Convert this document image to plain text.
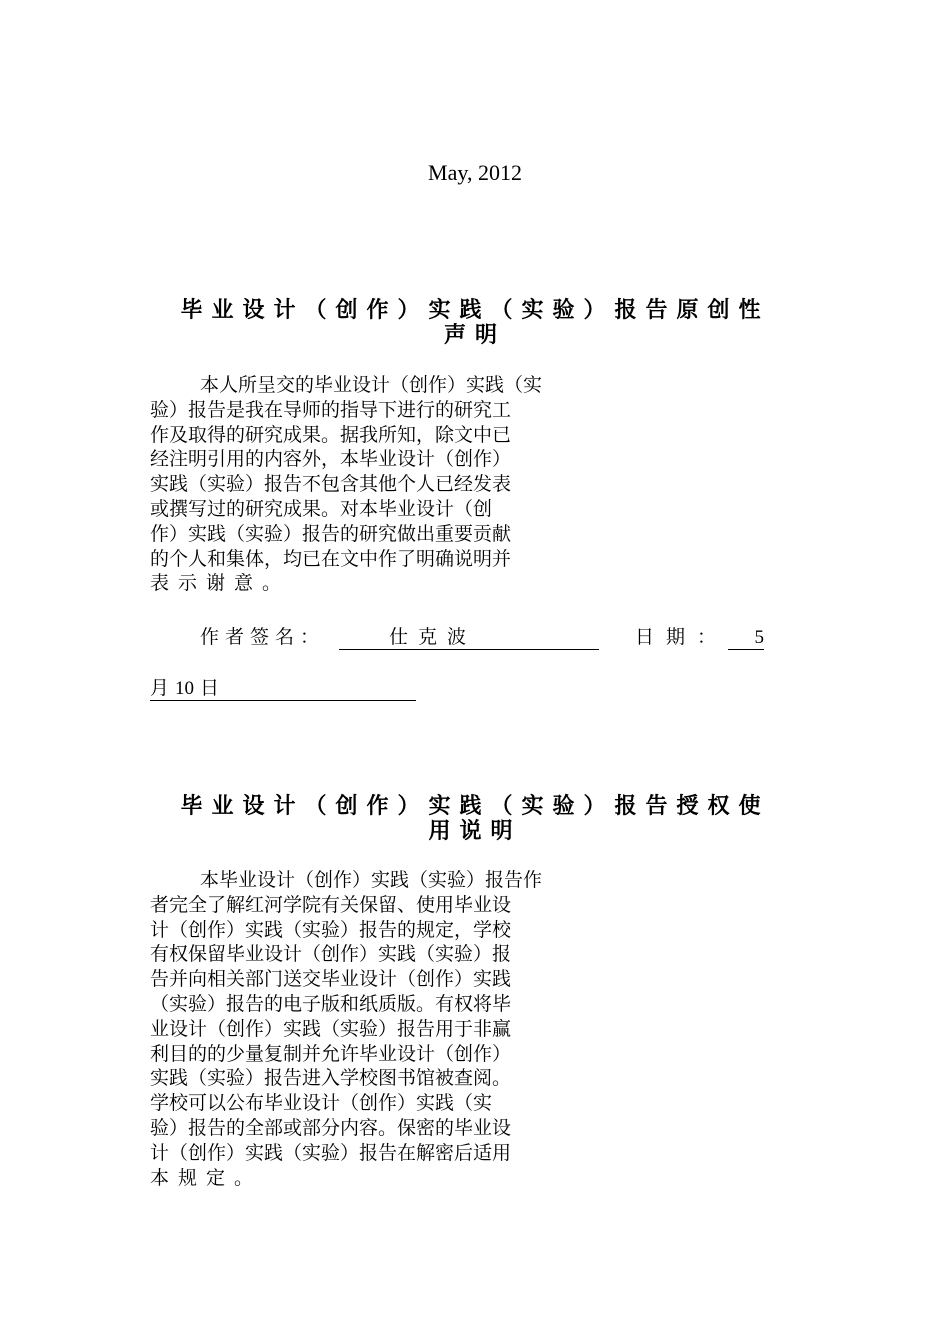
May, 2012
毕业设计（创作）实践（实验）报告原创性
声明
本人所呈交的毕业设计（创作）实践（实
验）报告是我在导师的指导下进行的研究工
作及取得的研究成果。据我所知，除文中已
经注明引用的内容外，本毕业设计（创作）
实践（实验）报告不包含其他个人已经发表
或撰写过的研究成果。对本毕业设计（创
作）实践（实验）报告的研究做出重要贡献
的个人和集体，均已在文中作了明确说明并
表示谢意。
作者签名：	仕克波	日期： 5
月 10 日
毕业设计（创作）实践（实验）报告授权使
用说明
本毕业设计（创作）实践（实验）报告作
者完全了解红河学院有关保留、使用毕业设
计（创作）实践（实验）报告的规定，学校
有权保留毕业设计（创作）实践（实验）报
告并向相关部门送交毕业设计（创作）实践
（实验）报告的电子版和纸质版。有权将毕
业设计（创作）实践（实验）报告用于非赢
利目的的少量复制并允许毕业设计（创作）
实践（实验）报告进入学校图书馆被查阅。
学校可以公布毕业设计（创作）实践（实
验）报告的全部或部分内容。保密的毕业设
计（创作）实践（实验）报告在解密后适用
本规定。
